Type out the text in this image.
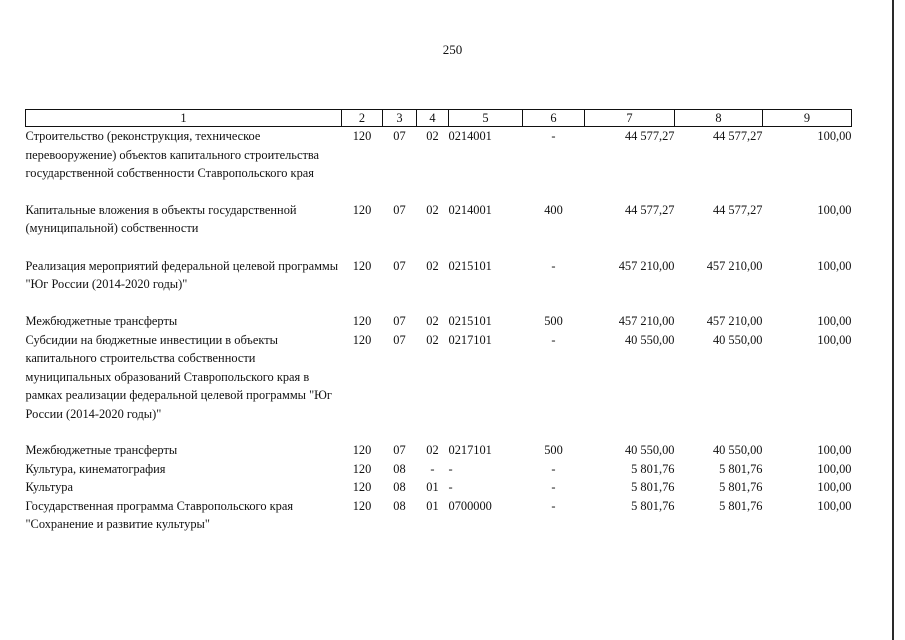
250
1	2	3	4	5	6	7	8	9
Строительство (реконструкция, техническое перевооружение) объектов капитального строительства государственной собственности Ставропольского края	120	07	02	0214001	-	44 577,27	44 577,27	100,00
Капитальные вложения в объекты государственной (муниципальной) собственности	120	07	02	0214001	400	44 577,27	44 577,27	100,00
Реализация мероприятий федеральной целевой программы "Юг России (2014-2020 годы)"	120	07	02	0215101	-	457 210,00	457 210,00	100,00
Межбюджетные трансферты	120	07	02	0215101	500	457 210,00	457 210,00	100,00
Субсидии на бюджетные инвестиции в объекты капитального строительства собственности муниципальных образований Ставропольского края в рамках реализации федеральной целевой программы "Юг России (2014-2020 годы)"	120	07	02	0217101	-	40 550,00	40 550,00	100,00
Межбюджетные трансферты	120	07	02	0217101	500	40 550,00	40 550,00	100,00
Культура, кинематография	120	08	-	-	-	5 801,76	5 801,76	100,00
Культура	120	08	01	-	-	5 801,76	5 801,76	100,00
Государственная программа Ставропольского края "Сохранение и развитие культуры"	120	08	01	0700000	-	5 801,76	5 801,76	100,00
